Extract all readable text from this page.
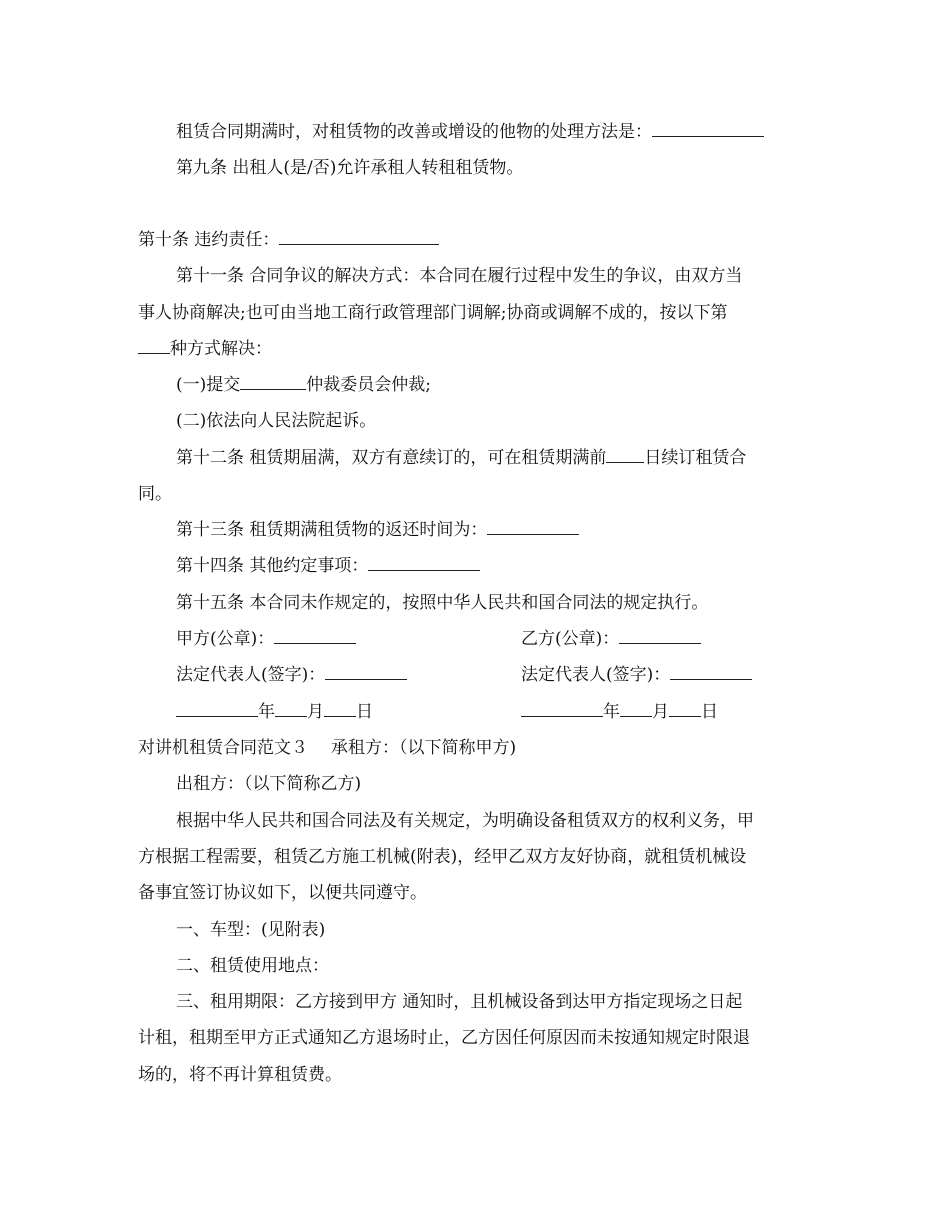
租赁合同期满时，对租赁物的改善或增设的他物的处理方法是：
第九条 出租人(是/否)允许承租人转租租赁物。
第十条 违约责任：
第十一条 合同争议的解决方式：本合同在履行过程中发生的争议，由双方当
事人协商解决;也可由当地工商行政管理部门调解;协商或调解不成的，按以下第
种方式解决：
(一)提交	仲裁委员会仲裁;
(二)依法向人民法院起诉。
第十二条 租赁期届满，双方有意续订的，可在租赁期满前 日续订租赁合
同。
第十三条 租赁期满租赁物的返还时间为：
第十四条 其他约定事项：
第十五条 本合同未作规定的，按照中华人民共和国合同法的规定执行。
甲方(公章)：	乙方(公章)：
法定代表人(签字)：	法定代表人(签字)：
年 月 日	年 月 日
对讲机租赁合同范文３ 承租方：（以下简称甲方)
出租方：（以下简称乙方)
根据中华人民共和国合同法及有关规定，为明确设备租赁双方的权利义务，甲
方根据工程需要，租赁乙方施工机械(附表)，经甲乙双方友好协商，就租赁机械设
备事宜签订协议如下，以便共同遵守。
一、车型：(见附表)
二、租赁使用地点：
三、租用期限：乙方接到甲方 通知时，且机械设备到达甲方指定现场之日起
计租，租期至甲方正式通知乙方退场时止，乙方因任何原因而未按通知规定时限退
场的，将不再计算租赁费。
